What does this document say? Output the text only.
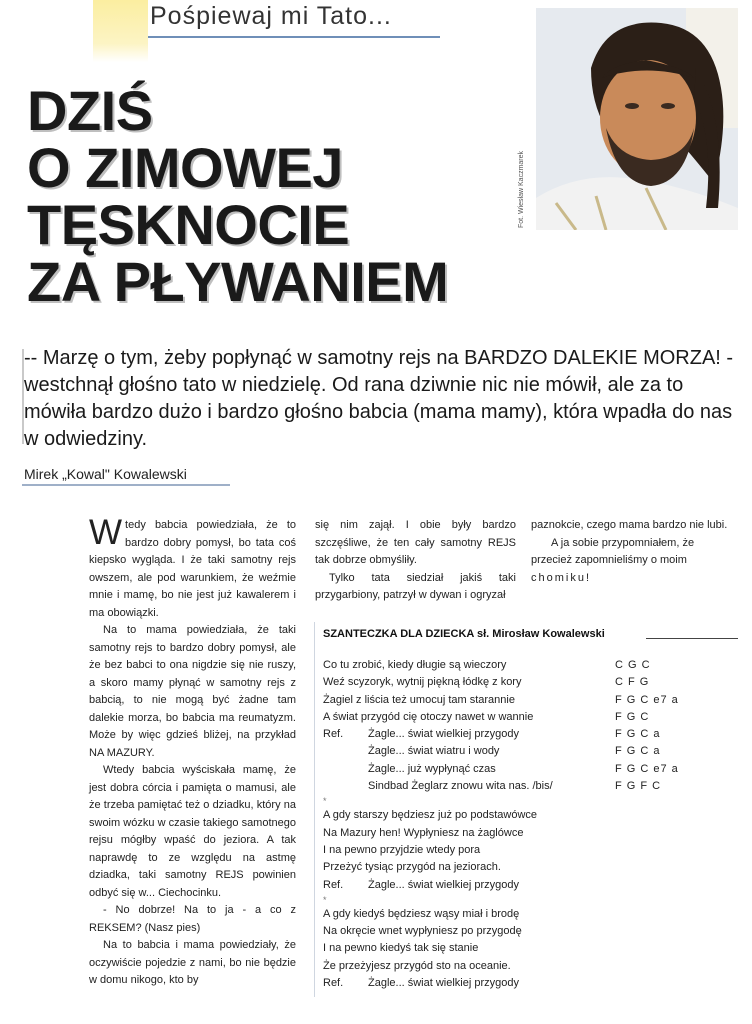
Pośpiewaj mi Tato...
DZIŚ
O ZIMOWEJ
TĘSKNOCIE
ZA PŁYWANIEM
Fot. Wiesław Kaczmarek
-- Marzę o tym, żeby popłynąć w samotny rejs na BARDZO DALEKIE MORZA! - westchnął głośno tato w niedzielę. Od rana dziwnie nic nie mówił, ale za to mówiła bardzo dużo i bardzo głośno babcia (mama mamy), która wpadła do nas w odwiedziny.
Mirek „Kowal" Kowalewski

Wtedy babcia powiedziała, że to bardzo dobry pomysł, bo tata coś kiepsko wygląda. I że taki samotny rejs owszem, ale pod warunkiem, że weźmie mnie i mamę, bo nie jest już kawalerem i ma obowiązki.

Na to mama powiedziała, że taki samotny rejs to bardzo dobry pomysł, ale że bez babci to ona nigdzie się nie ruszy, a skoro mamy płynąć w samotny rejs z babcią, to nie mogą być żadne tam dalekie morza, bo babcia ma reumatyzm. Może by więc gdzieś bliżej, na przykład NA MAZURY.

Wtedy babcia wyściskała mamę, że jest dobra córcia i pamięta o mamusi, ale że trzeba pamiętać też o dziadku, który na swoim wózku w czasie takiego samotnego rejsu mógłby wpaść do jeziora. A tak naprawdę to ze względu na astmę dziadka, taki samotny REJS powinien odbyć się w... Ciechocinku.

- No dobrze! Na to ja - a co z REKSEM? (Nasz pies)

Na to babcia i mama powiedziały, że oczywiście pojedzie z nami, bo nie będzie w domu nikogo, kto by

się nim zajął. I obie były bardzo szczęśliwe, że ten cały samotny REJS tak dobrze obmyśliły.

Tylko tata siedział jakiś taki przygarbiony, patrzył w dywan i ogryzał

paznokcie, czego mama bardzo nie lubi.

A ja sobie przypomniałem, że przecież zapomnieliśmy o moim chomiku!

SZANTECZKA DLA DZIECKA sł. Mirosław Kowalewski
Co tu zrobić, kiedy długie są wieczory	C G C
Weź scyzoryk, wytnij piękną łódkę z kory	C F G
Żagiel z liścia też umocuj tam starannie	F G C e7 a
A świat przygód cię otoczy nawet w wannie	F G C
Ref. Żagle... świat wielkiej przygody	F G C a
Żagle... świat wiatru i wody	F G C a
Żagle... już wypłynąć czas	F G C e7 a
Sindbad Żeglarz znowu wita nas. /bis/	F G F C
*
A gdy starszy będziesz już po podstawówce
Na Mazury hen! Wypłyniesz na żaglówce
I na pewno przyjdzie wtedy pora
Przeżyć tysiąc przygód na jeziorach.
Ref. Żagle... świat wielkiej przygody
*
A gdy kiedyś będziesz wąsy miał i brodę
Na okręcie wnet wypłyniesz po przygodę
I na pewno kiedyś tak się stanie
Że przeżyjesz przygód sto na oceanie.
Ref. Żagle... świat wielkiej przygody
